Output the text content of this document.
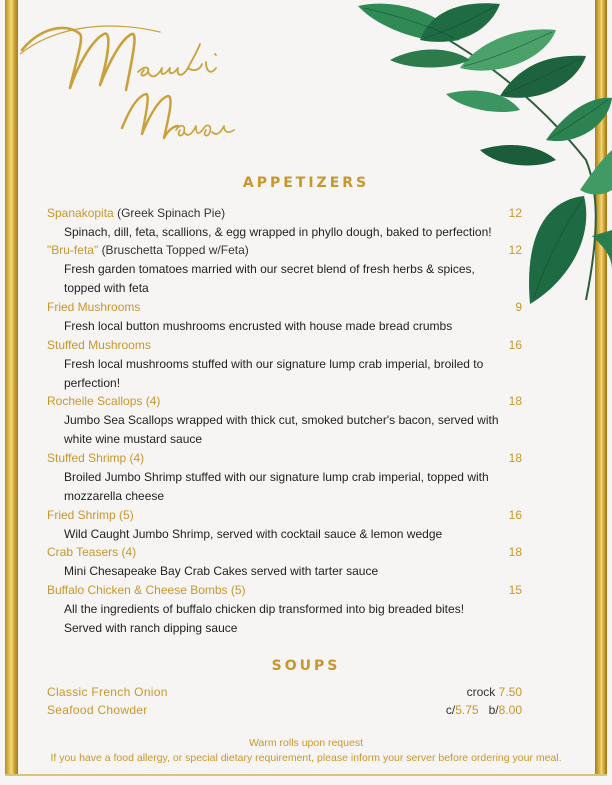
APPETIZERS
Spanakopita (Greek Spinach Pie)	12
Spinach, dill, feta, scallions, & egg wrapped in phyllo dough, baked to perfection!
"Bru-feta" (Bruschetta Topped w/Feta)	12
Fresh garden tomatoes married with our secret blend of fresh herbs & spices,
topped with feta
Fried Mushrooms	9
Fresh local button mushrooms encrusted with house made bread crumbs
Stuffed Mushrooms	16
Fresh local mushrooms stuffed with our signature lump crab imperial, broiled to
perfection!
Rochelle Scallops (4)	18
Jumbo Sea Scallops wrapped with thick cut, smoked butcher's bacon, served with
white wine mustard sauce
Stuffed Shrimp (4)	18
Broiled Jumbo Shrimp stuffed with our signature lump crab imperial, topped with
mozzarella cheese
Fried Shrimp (5)	16
Wild Caught Jumbo Shrimp, served with cocktail sauce & lemon wedge
Crab Teasers (4)	18
Mini Chesapeake Bay Crab Cakes served with tarter sauce
Buffalo Chicken & Cheese Bombs (5)	15
All the ingredients of buffalo chicken dip transformed into big breaded bites!
Served with ranch dipping sauce
SOUPS
Classic French Onion	crock 7.50
Seafood Chowder	c/5.75 b/8.00
Warm rolls upon request
If you have a food allergy, or special dietary requirement, please inform your server before ordering your meal.
